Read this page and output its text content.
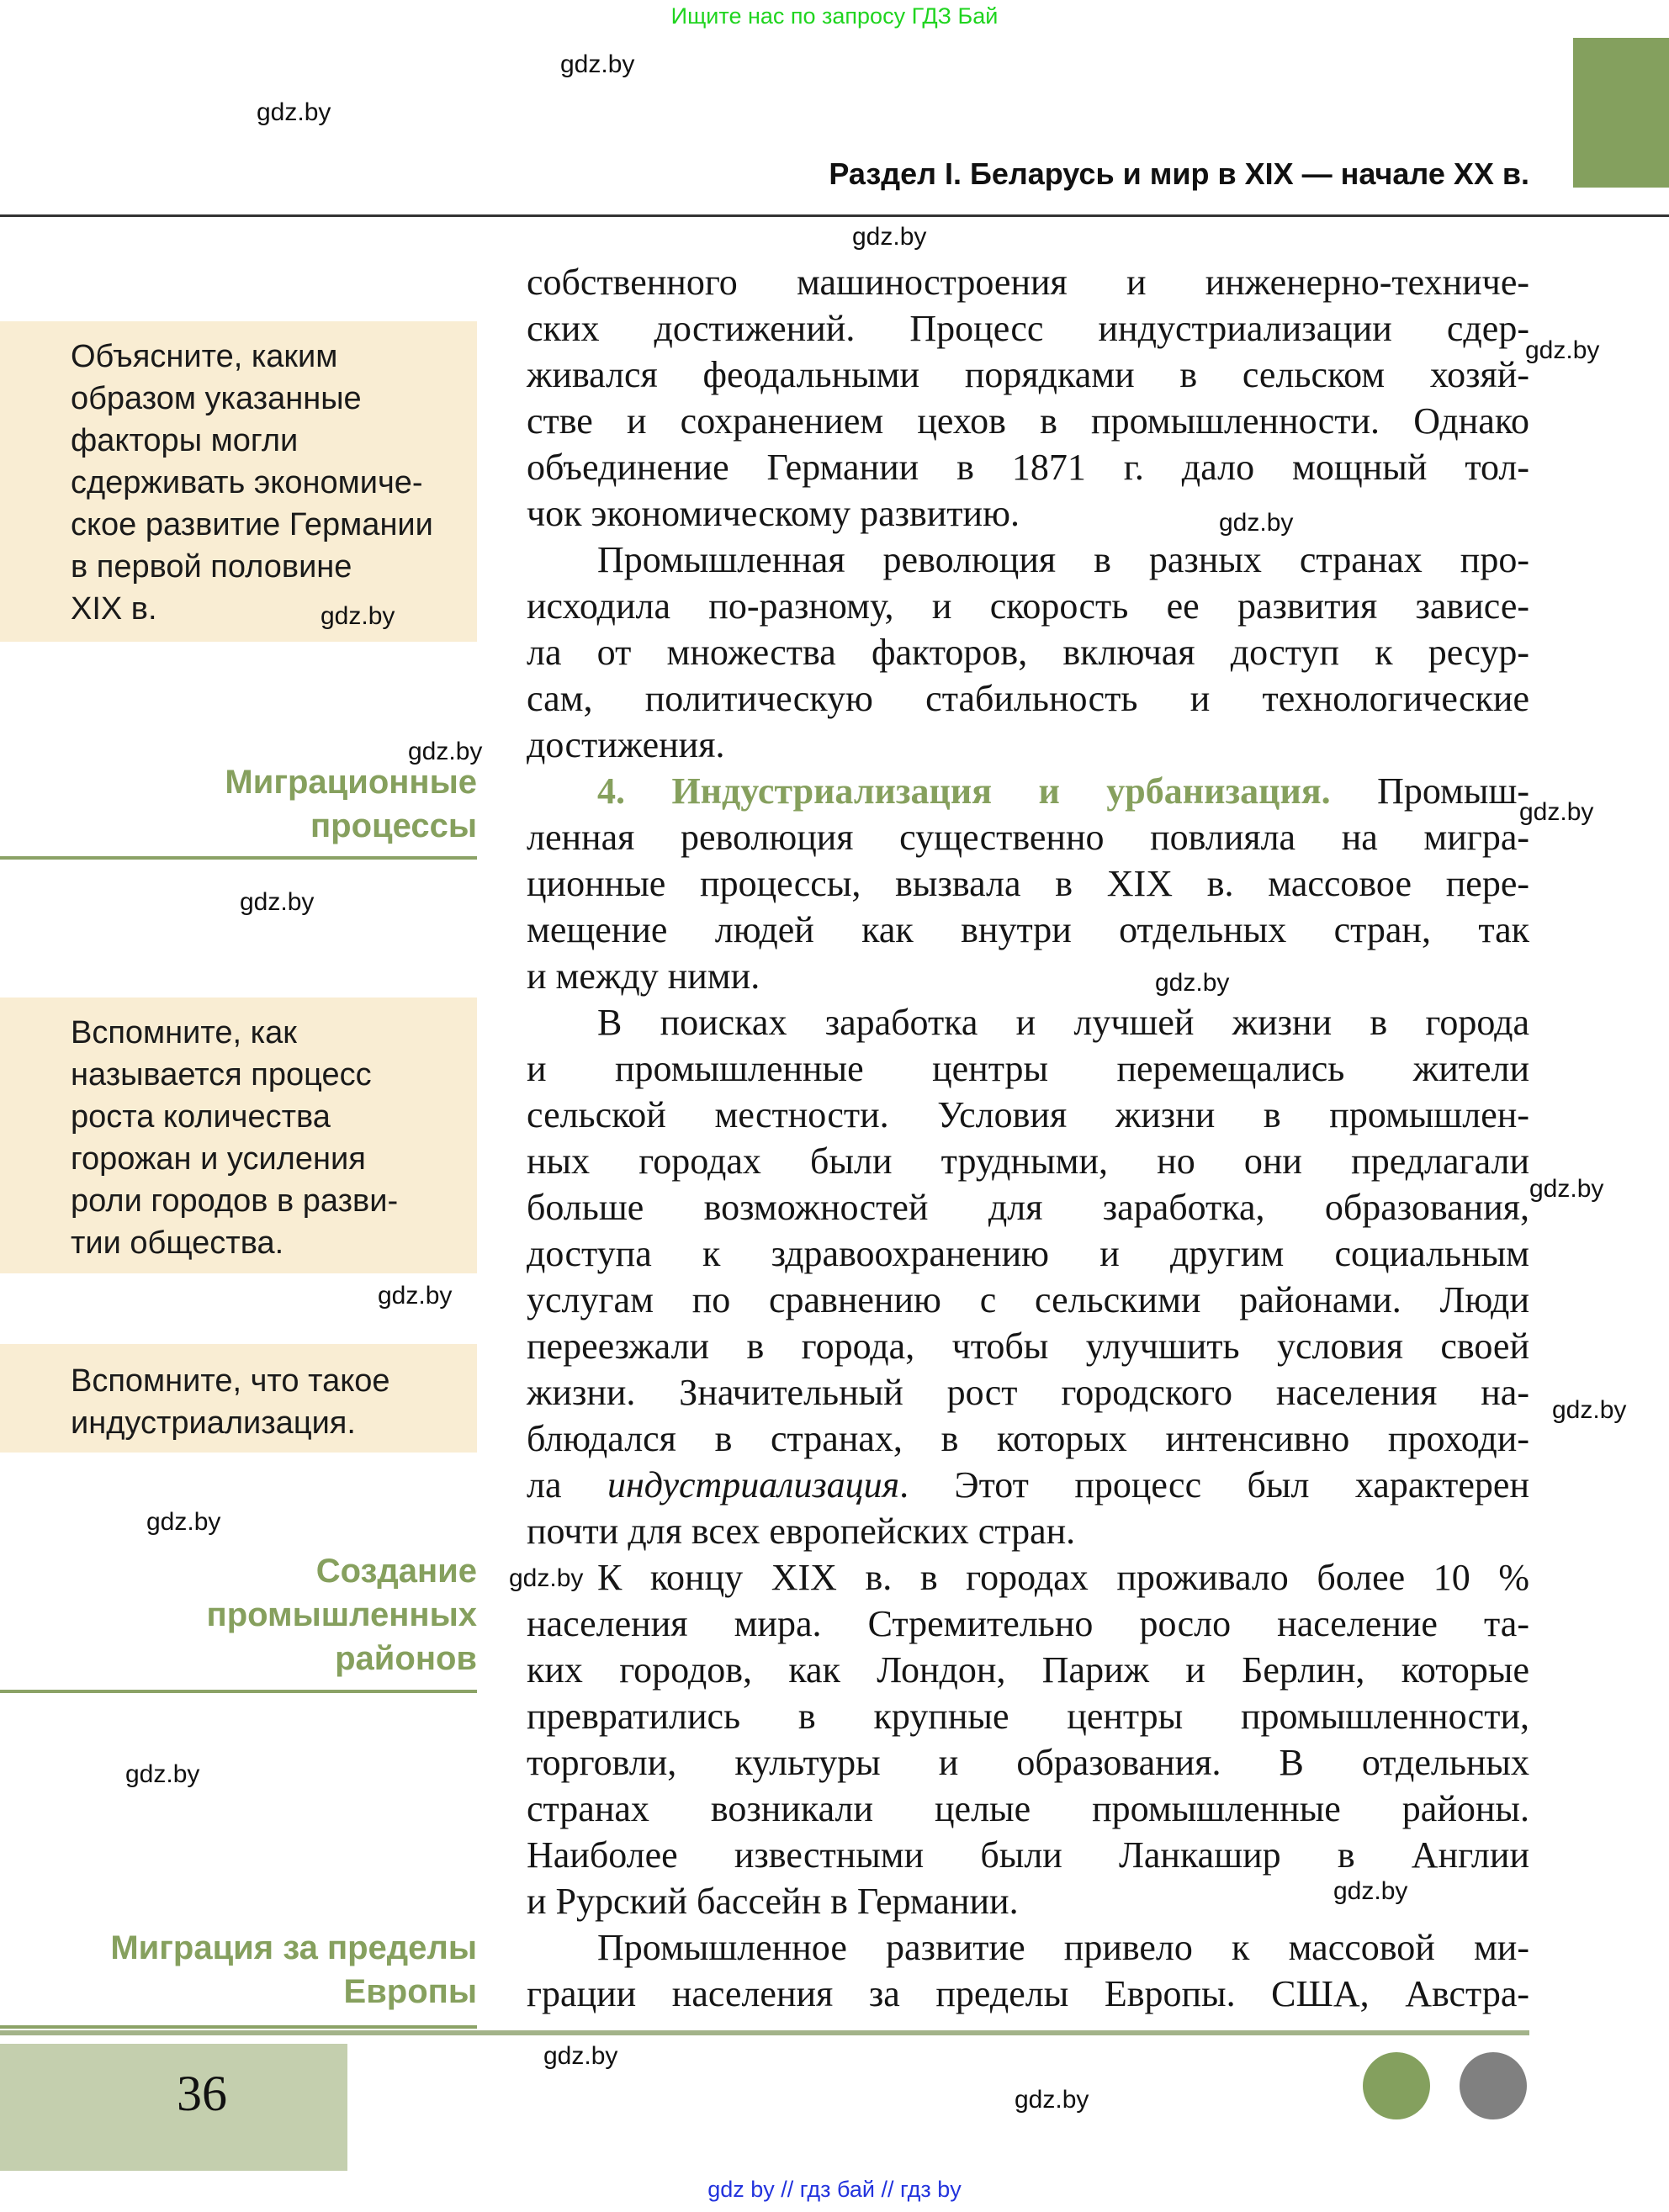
Ищите нас по запросу ГДЗ Бай
Раздел I. Беларусь и мир в XIX — начале XX в.
Объясните, каким
образом указанные
факторы могли
сдерживать экономиче-
ское развитие Германии
в первой половине
XIX в.
Вспомните, как
называется процесс
роста количества
горожан и усиления
роли городов в разви-
тии общества.
Вспомните, что такое
индустриализация.
Миграционные
процессы
Создание
промышленных
районов
Миграция за пределы
Европы
собственного машиностроения и инженерно-техниче-
ских достижений. Процесс индустриализации сдер-
живался феодальными порядками в сельском хозяй-
стве и сохранением цехов в промышленности. Однако
объединение Германии в 1871 г. дало мощный тол-
чок экономическому развитию.
Промышленная революция в разных странах про-
исходила по-разному, и скорость ее развития зависе-
ла от множества факторов, включая доступ к ресур-
сам, политическую стабильность и технологические
достижения.
4. Индустриализация и урбанизация. Промыш-
ленная революция существенно повлияла на мигра-
ционные процессы, вызвала в XIX в. массовое пере-
мещение людей как внутри отдельных стран, так
и между ними.
В поисках заработка и лучшей жизни в города
и промышленные центры перемещались жители
сельской местности. Условия жизни в промышлен-
ных городах были трудными, но они предлагали
больше возможностей для заработка, образования,
доступа к здравоохранению и другим социальным
услугам по сравнению с сельскими районами. Люди
переезжали в города, чтобы улучшить условия своей
жизни. Значительный рост городского населения на-
блюдался в странах, в которых интенсивно проходи-
ла индустриализация. Этот процесс был характерен
почти для всех европейских стран.
К концу XIX в. в городах проживало более 10 %
населения мира. Стремительно росло население та-
ких городов, как Лондон, Париж и Берлин, которые
превратились в крупные центры промышленности,
торговли, культуры и образования. В отдельных
странах возникали целые промышленные районы.
Наиболее известными были Ланкашир в Англии
и Рурский бассейн в Германии.
Промышленное развитие привело к массовой ми-
грации населения за пределы Европы. США, Австра-
gdz.by
gdz.by
gdz.by
gdz.by
gdz.by
gdz.by
gdz.by
gdz.by
gdz.by
gdz.by
gdz.by
gdz.by
gdz.by
gdz.by
gdz.by
gdz.by
gdz.by
gdz.by
gdz.by
36
gdz by // гдз бай // гдз by
